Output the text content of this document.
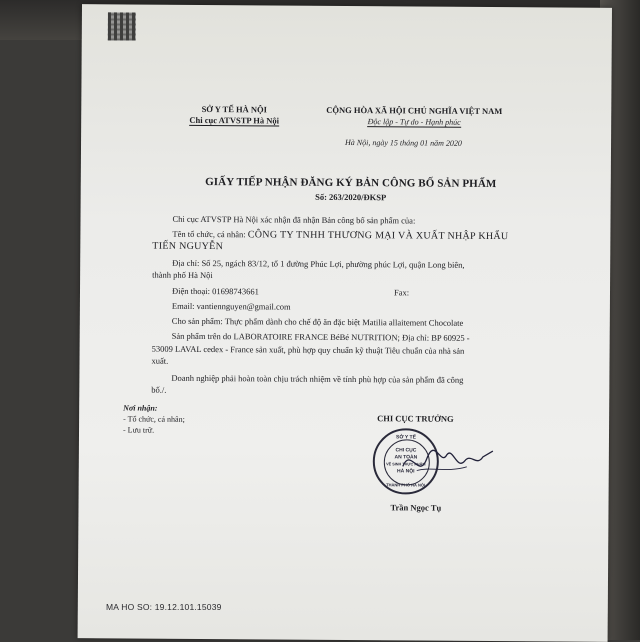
SỞ Y TẾ HÀ NỘI
Chi cục ATVSTP Hà Nội
CỘNG HÒA XÃ HỘI CHỦ NGHĨA VIỆT NAM
Độc lập - Tự do - Hạnh phúc
Hà Nội, ngày 15 tháng 01 năm 2020
GIẤY TIẾP NHẬN ĐĂNG KÝ BẢN CÔNG BỐ SẢN PHẨM
Số: 263/2020/ĐKSP
Chi cục ATVSTP Hà Nội xác nhận đã nhận Bản công bố sản phẩm của:
Tên tổ chức, cá nhân: CÔNG TY TNHH THƯƠNG MẠI VÀ XUẤT NHẬP KHẨU
TIẾN NGUYỄN
Địa chỉ: Số 25, ngách 83/12, tổ 1 đường Phúc Lợi, phường phúc Lợi, quận Long biên,
thành phố Hà Nội
Điện thoại: 01698743661	Fax:
Email: vantiennguyen@gmail.com
Cho sản phẩm: Thực phẩm dành cho chế độ ăn đặc biệt Matilia allaitement Chocolate
Sản phẩm trên do LABORATOIRE FRANCE BéBé NUTRITION; Địa chỉ: BP 60925 -
53009 LAVAL cedex - France sản xuất, phù hợp quy chuẩn kỹ thuật Tiêu chuẩn của nhà sản
xuất.
Doanh nghiệp phải hoàn toàn chịu trách nhiệm về tính phù hợp của sản phẩm đã công
bố./.
Nơi nhận:
- Tổ chức, cá nhân;
- Lưu trữ.
CHI CỤC TRƯỞNG
SỞ Y TẾ
CHI CỤC
AN TOÀN
VỆ SINH THỰC PHẨM
HÀ NỘI
THÀNH PHỐ HÀ NỘI
Trần Ngọc Tụ
MA HO SO: 19.12.101.15039
